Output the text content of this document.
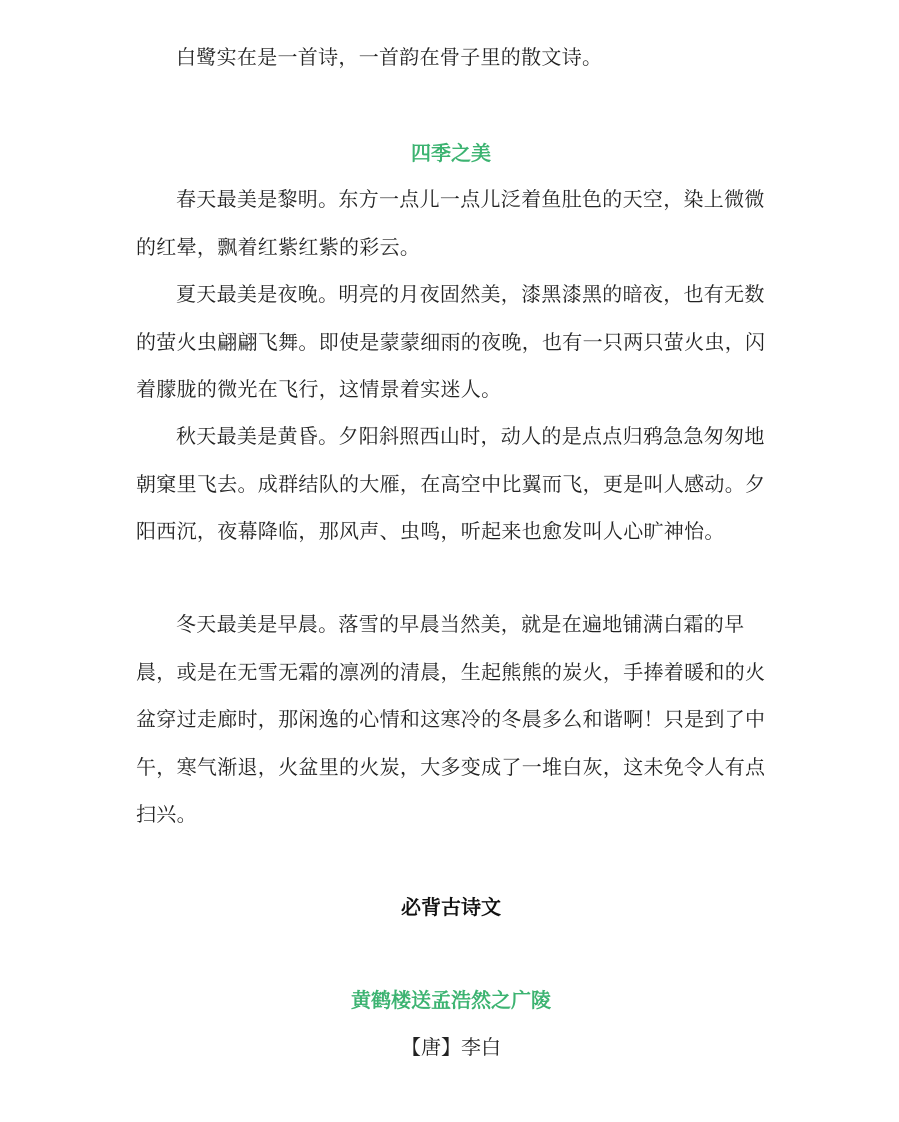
白鹭实在是一首诗，一首韵在骨子里的散文诗。

四季之美

春天最美是黎明。东方一点儿一点儿泛着鱼肚色的天空，染上微微的红晕，飘着红紫红紫的彩云。

夏天最美是夜晚。明亮的月夜固然美，漆黑漆黑的暗夜，也有无数的萤火虫翩翩飞舞。即使是蒙蒙细雨的夜晚，也有一只两只萤火虫，闪着朦胧的微光在飞行，这情景着实迷人。

秋天最美是黄昏。夕阳斜照西山时，动人的是点点归鸦急急匆匆地朝窠里飞去。成群结队的大雁，在高空中比翼而飞，更是叫人感动。夕阳西沉，夜幕降临，那风声、虫鸣，听起来也愈发叫人心旷神怡。

冬天最美是早晨。落雪的早晨当然美，就是在遍地铺满白霜的早晨，或是在无雪无霜的凛冽的清晨，生起熊熊的炭火，手捧着暖和的火盆穿过走廊时，那闲逸的心情和这寒冷的冬晨多么和谐啊！只是到了中午，寒气渐退，火盆里的火炭，大多变成了一堆白灰，这未免令人有点扫兴。

必背古诗文

黄鹤楼送孟浩然之广陵

【唐】李白
